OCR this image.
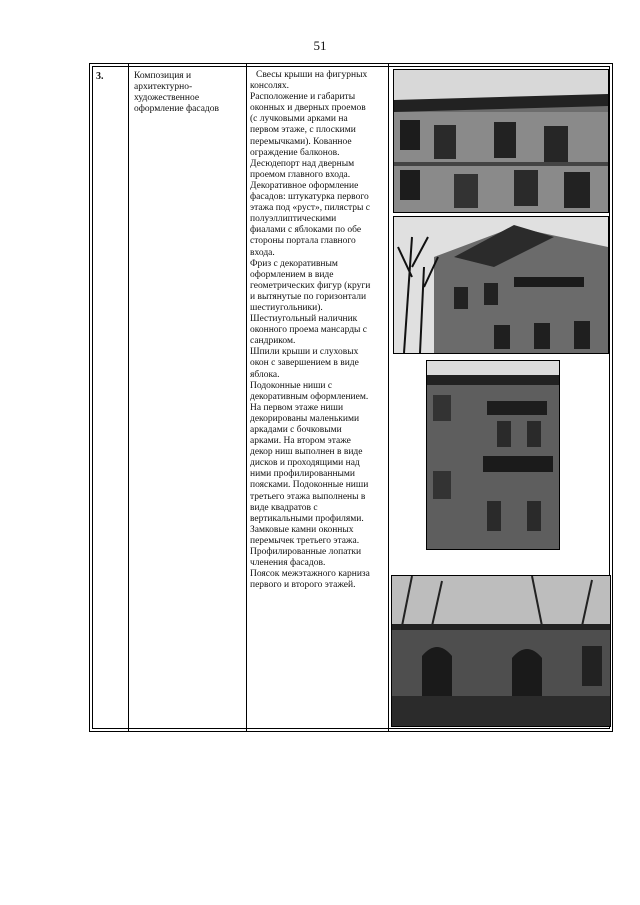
51
3.	Композиция и
архитектурно-
художественное
оформление фасадов

Свесы крыши на фигурных

консолях.

Расположение и габариты

оконных и дверных проемов

(с лучковыми арками на

первом этаже, с плоскими

перемычками). Кованное

ограждение балконов.

Десюдепорт над дверным

проемом главного входа.

Декоративное оформление

фасадов: штукатурка первого

этажа под «руст», пилястры с

полуэллиптическими

фиалами с яблоками по обе

стороны портала главного

входа.

Фриз с декоративным

оформлением в виде

геометрических фигур (круги

и вытянутые по горизонтали

шестиугольники).

Шестиугольный наличник

оконного проема мансарды с

сандриком.

Шпили крыши и слуховых

окон с завершением в виде

яблока.

Подоконные ниши с

декоративным оформлением.

На первом этаже ниши

декорированы маленькими

аркадами с бочковыми

арками. На втором этаже

декор ниш выполнен в виде

дисков и проходящими над

ними профилированными

поясками. Подоконные ниши

третьего этажа выполнены в

виде квадратов с

вертикальными профилями.

Замковые камни оконных

перемычек третьего этажа.

Профилированные лопатки

членения фасадов.

Поясок межэтажного карниза

первого и второго этажей.
